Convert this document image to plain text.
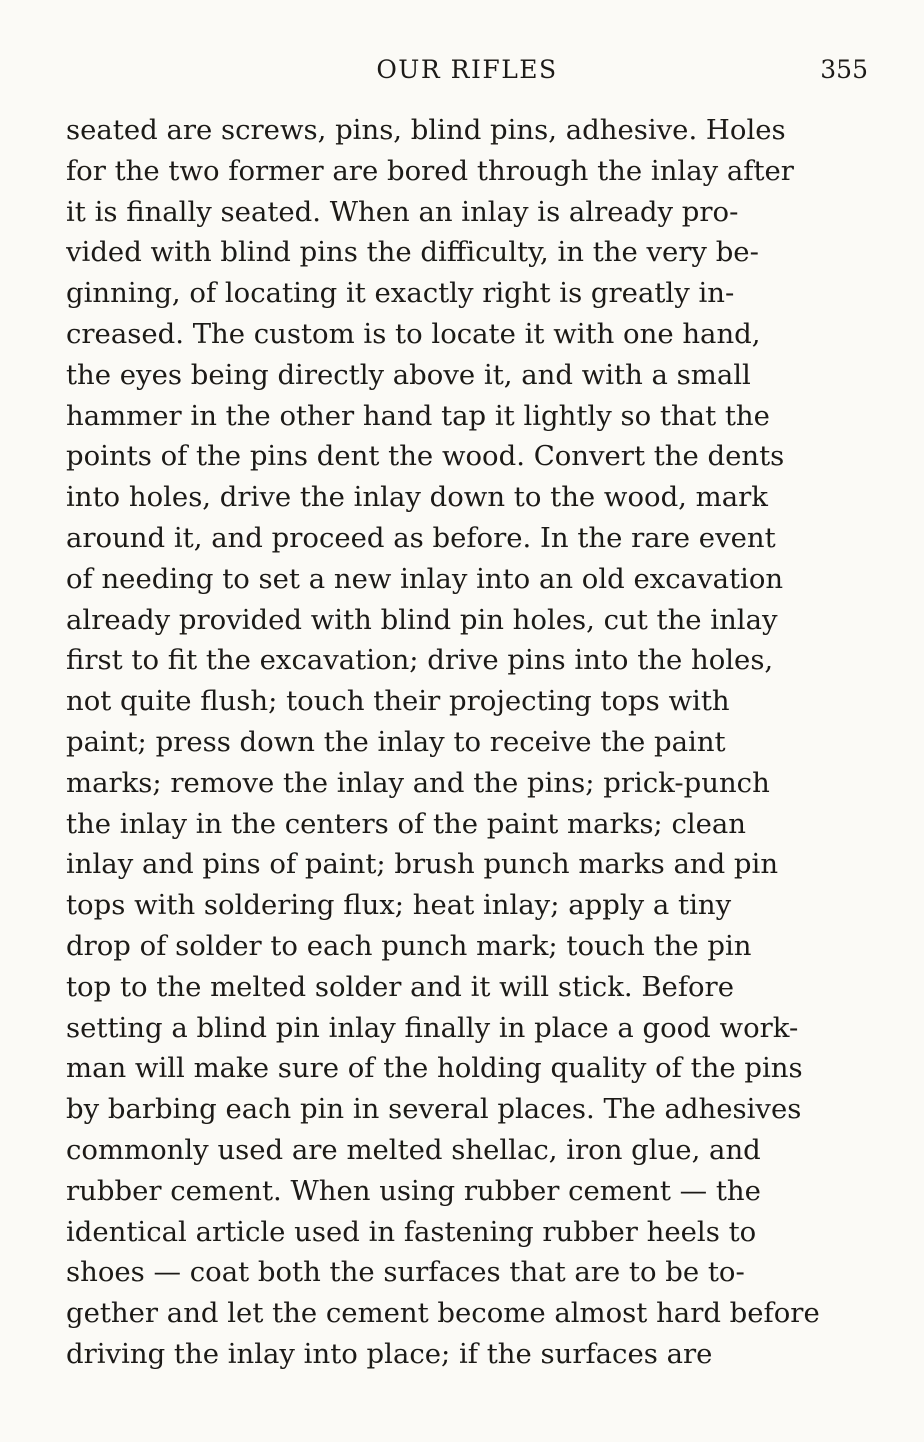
OUR RIFLES	355
seated are screws, pins, blind pins, adhesive. Holes
for the two former are bored through the inlay after
it is finally seated. When an inlay is already pro-
vided with blind pins the difficulty, in the very be-
ginning, of locating it exactly right is greatly in-
creased. The custom is to locate it with one hand,
the eyes being directly above it, and with a small
hammer in the other hand tap it lightly so that the
points of the pins dent the wood. Convert the dents
into holes, drive the inlay down to the wood, mark
around it, and proceed as before. In the rare event
of needing to set a new inlay into an old excavation
already provided with blind pin holes, cut the inlay
first to fit the excavation; drive pins into the holes,
not quite flush; touch their projecting tops with
paint; press down the inlay to receive the paint
marks; remove the inlay and the pins; prick-punch
the inlay in the centers of the paint marks; clean
inlay and pins of paint; brush punch marks and pin
tops with soldering flux; heat inlay; apply a tiny
drop of solder to each punch mark; touch the pin
top to the melted solder and it will stick. Before
setting a blind pin inlay finally in place a good work-
man will make sure of the holding quality of the pins
by barbing each pin in several places. The adhesives
commonly used are melted shellac, iron glue, and
rubber cement. When using rubber cement — the
identical article used in fastening rubber heels to
shoes — coat both the surfaces that are to be to-
gether and let the cement become almost hard before
driving the inlay into place; if the surfaces are
